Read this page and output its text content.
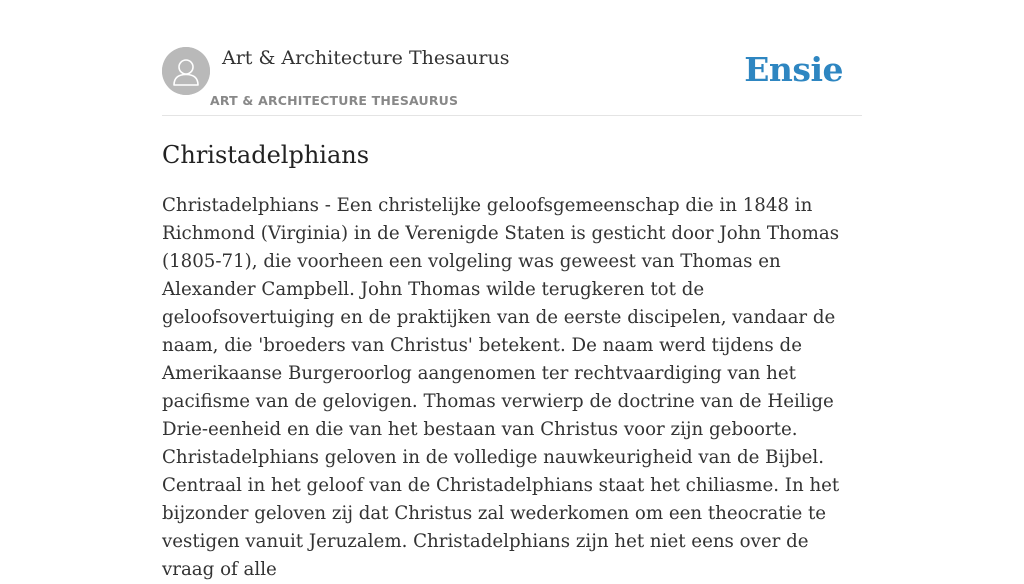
Art & Architecture Thesaurus
ART & ARCHITECTURE THESAURUS
Ensie
Christadelphians

Christadelphians - Een christelijke geloofsgemeenschap die in 1848 in Richmond (Virginia) in de Verenigde Staten is gesticht door John Thomas (1805-71), die voorheen een volgeling was geweest van Thomas en Alexander Campbell. John Thomas wilde terugkeren tot de geloofsovertuiging en de praktijken van de eerste discipelen, vandaar de naam, die 'broeders van Christus' betekent. De naam werd tijdens de Amerikaanse Burgeroorlog aangenomen ter rechtvaardiging van het pacifisme van de gelovigen. Thomas verwierp de doctrine van de Heilige Drie-eenheid en die van het bestaan van Christus voor zijn geboorte. Christadelphians geloven in de volledige nauwkeurigheid van de Bijbel. Centraal in het geloof van de Christadelphians staat het chiliasme. In het bijzonder geloven zij dat Christus zal wederkomen om een theocratie te vestigen vanuit Jeruzalem. Christadelphians zijn het niet eens over de vraag of alle
